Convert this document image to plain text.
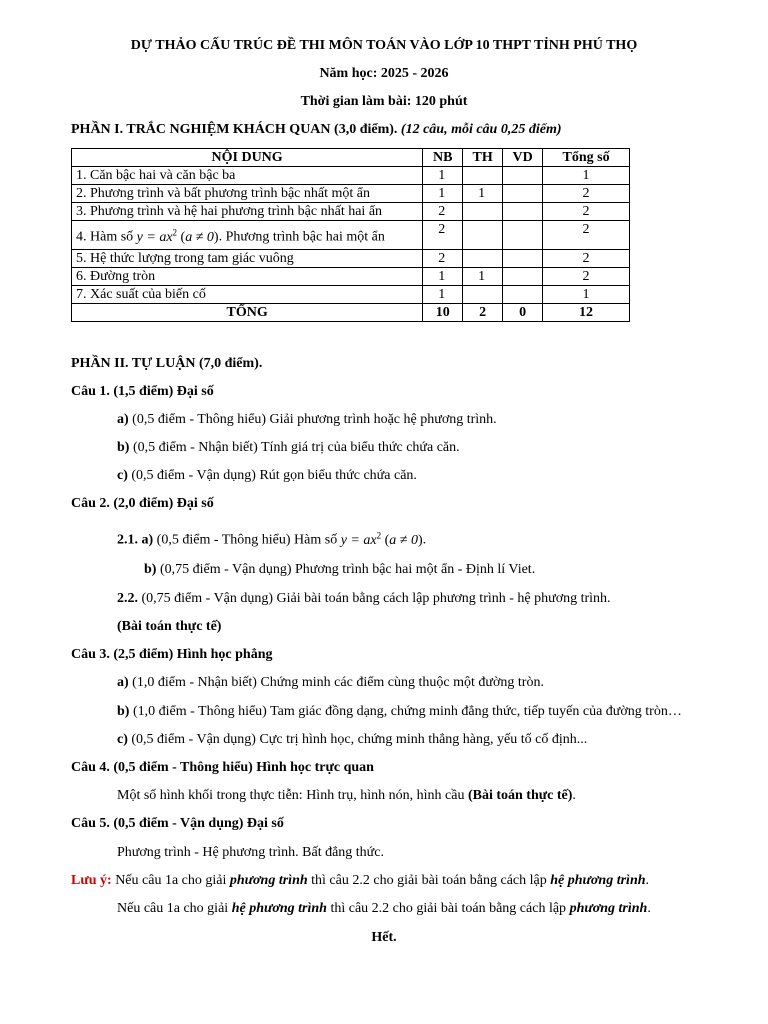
DỰ THẢO CẤU TRÚC ĐỀ THI MÔN TOÁN VÀO LỚP 10 THPT TỈNH PHÚ THỌ
Năm học: 2025 - 2026
Thời gian làm bài: 120 phút
PHẦN I. TRẮC NGHIỆM KHÁCH QUAN (3,0 điểm). (12 câu, mỗi câu 0,25 điểm)
NỘI DUNG	NB	TH	VD	Tổng số
1. Căn bậc hai và căn bậc ba	1			1
2. Phương trình và bất phương trình bậc nhất một ẩn	1	1		2
3. Phương trình và hệ hai phương trình bậc nhất hai ẩn	2			2
4. Hàm số $y = ax^2$ (a ≠ 0). Phương trình bậc hai một ẩn	2			2
5. Hệ thức lượng trong tam giác vuông	2			2
6. Đường tròn	1	1		2
7. Xác suất của biến cố	1			1
TỔNG	10	2	0	12
PHẦN II. TỰ LUẬN (7,0 điểm).
Câu 1. (1,5 điểm) Đại số
a) (0,5 điểm - Thông hiểu) Giải phương trình hoặc hệ phương trình.
b) (0,5 điểm - Nhận biết) Tính giá trị của biểu thức chứa căn.
c) (0,5 điểm - Vận dụng) Rút gọn biểu thức chứa căn.
Câu 2. (2,0 điểm) Đại số
2.1. a) (0,5 điểm - Thông hiểu) Hàm số $y = ax^2$ (a ≠ 0).
b) (0,75 điểm - Vận dụng) Phương trình bậc hai một ẩn - Định lí Viet.
2.2. (0,75 điểm - Vận dụng) Giải bài toán bằng cách lập phương trình - hệ phương trình.
(Bài toán thực tế)
Câu 3. (2,5 điểm) Hình học phẳng
a) (1,0 điểm - Nhận biết) Chứng minh các điểm cùng thuộc một đường tròn.
b) (1,0 điểm - Thông hiểu) Tam giác đồng dạng, chứng minh đẳng thức, tiếp tuyến của đường tròn…
c) (0,5 điểm - Vận dụng) Cực trị hình học, chứng minh thẳng hàng, yếu tố cố định...
Câu 4. (0,5 điểm - Thông hiểu) Hình học trực quan
Một số hình khối trong thực tiễn: Hình trụ, hình nón, hình cầu (Bài toán thực tế).
Câu 5. (0,5 điểm - Vận dụng) Đại số
Phương trình - Hệ phương trình. Bất đẳng thức.
Lưu ý: Nếu câu 1a cho giải phương trình thì câu 2.2 cho giải bài toán bằng cách lập hệ phương trình.
Nếu câu 1a cho giải hệ phương trình thì câu 2.2 cho giải bài toán bằng cách lập phương trình.
Hết.
